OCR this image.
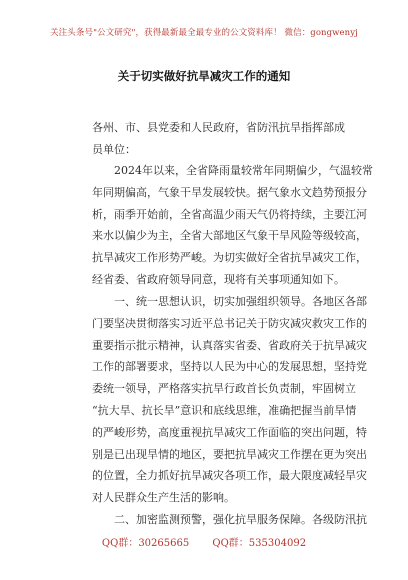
关注头条号"公文研究"，获得最新最全最专业的公文资料库！ 微信：gongwenyj
关于切实做好抗旱减灾工作的通知
各州、市、县党委和人民政府，省防汛抗旱指挥部成
员单位：
2024年以来，全省降雨量较常年同期偏少，气温较常
年同期偏高，气象干旱发展较快。据气象水文趋势预报分
析，雨季开始前，全省高温少雨天气仍将持续，主要江河
来水以偏少为主，全省大部地区气象干旱风险等级较高，
抗旱减灾工作形势严峻。为切实做好全省抗旱减灾工作，
经省委、省政府领导同意，现将有关事项通知如下。
一、统一思想认识，切实加强组织领导。各地区各部
门要坚决贯彻落实习近平总书记关于防灾减灾救灾工作的
重要指示批示精神，认真落实省委、省政府关于抗旱减灾
工作的部署要求，坚持以人民为中心的发展思想，坚持党
委统一领导，严格落实抗旱行政首长负责制，牢固树立
“抗大旱、抗长旱”意识和底线思维，准确把握当前旱情
的严峻形势，高度重视抗旱减灾工作面临的突出问题，特
别是已出现旱情的地区，要把抗旱减灾工作摆在更为突出
的位置，全力抓好抗旱减灾各项工作，最大限度减轻旱灾
对人民群众生产生活的影响。
二、加密监测预警，强化抗旱服务保障。各级防汛抗
QQ群：30265665 QQ群：535304092
